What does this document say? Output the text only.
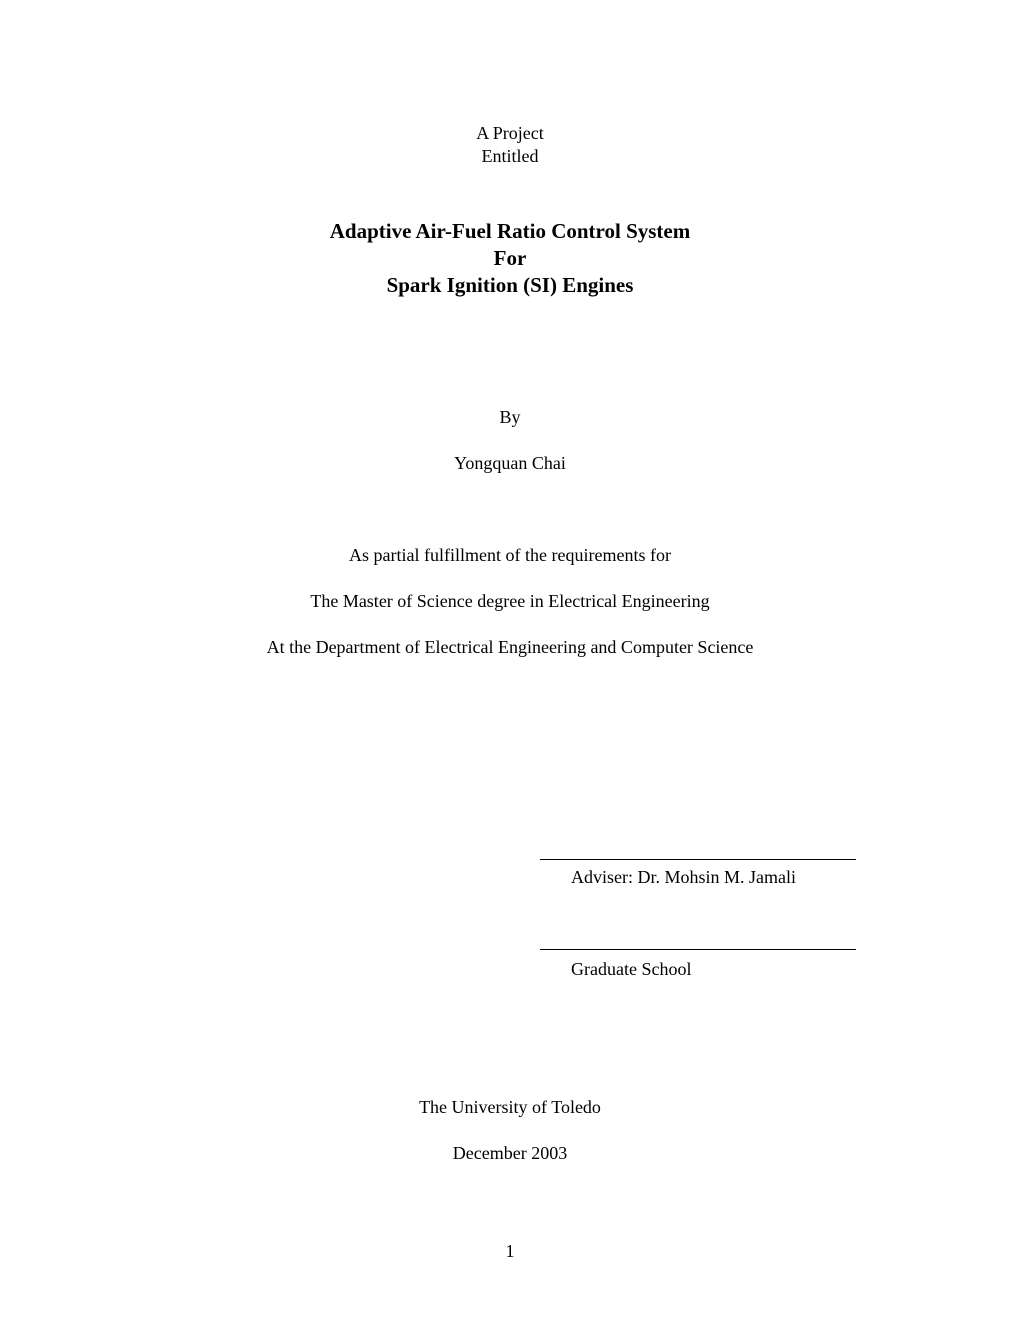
A Project
Entitled
Adaptive Air-Fuel Ratio Control System
For
Spark Ignition (SI) Engines
By
Yongquan Chai
As partial fulfillment of the requirements for
The Master of Science degree in Electrical Engineering
At the Department of Electrical Engineering and Computer Science
Adviser: Dr. Mohsin M. Jamali
Graduate School
The University of Toledo
December 2003
1
